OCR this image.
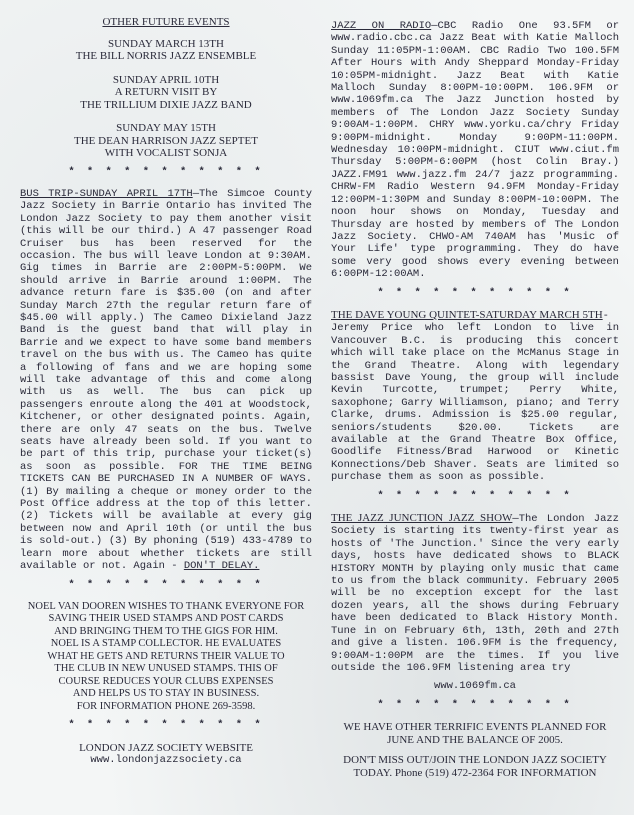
OTHER FUTURE EVENTS

SUNDAY MARCH 13TH
THE BILL NORRIS JAZZ ENSEMBLE
SUNDAY APRIL 10TH
A RETURN VISIT BY
THE TRILLIUM DIXIE JAZZ BAND
SUNDAY MAY 15TH
THE DEAN HARRISON JAZZ SEPTET
WITH VOCALIST SONJA
* * * * * * * * * * *

BUS TRIP-SUNDAY APRIL 17TH—The Simcoe County Jazz Society in Barrie Ontario has invited The London Jazz Society to pay them another visit (this will be our third.) A 47 passenger Road Cruiser bus has been reserved for the occasion. The bus will leave London at 9:30AM. Gig times in Barrie are 2:00PM-5:00PM. We should arrive in Barrie around 1:00PM. The advance return fare is $35.00 (on and after Sunday March 27th the regular return fare of $45.00 will apply.) The Cameo Dixieland Jazz Band is the guest band that will play in Barrie and we expect to have some band members travel on the bus with us. The Cameo has quite a following of fans and we are hoping some will take advantage of this and come along with us as well. The bus can pick up passengers enroute along the 401 at Woodstock, Kitchener, or other designated points. Again, there are only 47 seats on the bus. Twelve seats have already been sold. If you want to be part of this trip, purchase your ticket(s) as soon as possible. FOR THE TIME BEING TICKETS CAN BE PURCHASED IN A NUMBER OF WAYS. (1) By mailing a cheque or money order to the Post Office address at the top of this letter. (2) Tickets will be available at every gig between now and April 10th (or until the bus is sold-out.) (3) By phoning (519) 433-4789 to learn more about whether tickets are still available or not. Again - DON'T DELAY.

* * * * * * * * * * *
NOEL VAN DOOREN WISHES TO THANK EVERYONE FOR
SAVING THEIR USED STAMPS AND POST CARDS
AND BRINGING THEM TO THE GIGS FOR HIM.
NOEL IS A STAMP COLLECTOR. HE EVALUATES
WHAT HE GETS AND RETURNS THEIR VALUE TO
THE CLUB IN NEW UNUSED STAMPS. THIS OF
COURSE REDUCES YOUR CLUBS EXPENSES
AND HELPS US TO STAY IN BUSINESS.
FOR INFORMATION PHONE 269-3598.
* * * * * * * * * * *
LONDON JAZZ SOCIETY WEBSITE
www.londonjazzsociety.ca

JAZZ ON RADIO—CBC Radio One 93.5FM or www.radio.cbc.ca Jazz Beat with Katie Malloch Sunday 11:05PM-1:00AM. CBC Radio Two 100.5FM After Hours with Andy Sheppard Monday-Friday 10:05PM-midnight. Jazz Beat with Katie Malloch Sunday 8:00PM-10:00PM. 106.9FM or www.1069fm.ca The Jazz Junction hosted by members of The London Jazz Society Sunday 9:00AM-1:00PM. CHRY www.yorku.ca/chry Friday 9:00PM-midnight. Monday 9:00PM-11:00PM. Wednesday 10:00PM-midnight. CIUT www.ciut.fm Thursday 5:00PM-6:00PM (host Colin Bray.) JAZZ.FM91 www.jazz.fm 24/7 jazz programming. CHRW-FM Radio Western 94.9FM Monday-Friday 12:00PM-1:30PM and Sunday 8:00PM-10:00PM. The noon hour shows on Monday, Tuesday and Thursday are hosted by members of The London Jazz Society. CHWO-AM 740AM has 'Music of Your Life' type programming. They do have some very good shows every evening between 6:00PM-12:00AM.

* * * * * * * * * * *

THE DAVE YOUNG QUINTET-SATURDAY MARCH 5TH-
Jeremy Price who left London to live in Vancouver B.C. is producing this concert which will take place on the McManus Stage in the Grand Theatre. Along with legendary bassist Dave Young, the group will include Kevin Turcotte, trumpet; Perry White, saxophone; Garry Williamson, piano; and Terry Clarke, drums. Admission is $25.00 regular, seniors/students $20.00. Tickets are available at the Grand Theatre Box Office, Goodlife Fitness/Brad Harwood or Kinetic Konnections/Deb Shaver. Seats are limited so purchase them as soon as possible.

* * * * * * * * * * *

THE JAZZ JUNCTION JAZZ SHOW—The London Jazz Society is starting its twenty-first year as hosts of 'The Junction.' Since the very early days, hosts have dedicated shows to BLACK HISTORY MONTH by playing only music that came to us from the black community. February 2005 will be no exception except for the last dozen years, all the shows during February have been dedicated to Black History Month. Tune in on February 6th, 13th, 20th and 27th and give a listen. 106.9FM is the frequency, 9:00AM-1:00PM are the times. If you live outside the 106.9FM listening area try

www.1069fm.ca
* * * * * * * * * * *
WE HAVE OTHER TERRIFIC EVENTS PLANNED FOR
JUNE AND THE BALANCE OF 2005.
DON'T MISS OUT/JOIN THE LONDON JAZZ SOCIETY
TODAY. Phone (519) 472-2364 FOR INFORMATION
